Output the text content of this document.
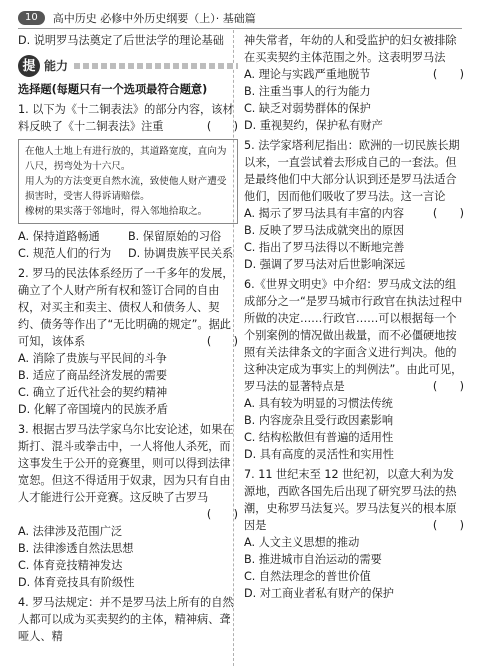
10	高中历史 必修中外历史纲要（上）· 基础篇

D. 说明罗马法奠定了后世法学的理论基础

提 能力

选择题(每题只有一个选项最符合题意)

1. 以下为《十二铜表法》的部分内容，该材料反映了《十二铜表法》注重	(　　)

在他人土地上有进行放的，其道路宽度，直向为八尺，拐弯处为十六尺。

用人为的方法变更自然水流，致使他人财产遭受损害时，受害人得诉请赔偿。

橡树的果实落于邻地时，得入邻地拾取之。

A. 保持道路畅通	B. 保留原始的习俗

C. 规范人们的行为	D. 协调贵族平民关系

2. 罗马的民法体系经历了一千多年的发展，确立了个人财产所有权和签订合同的自由权，对买主和卖主、债权人和债务人、契约、债务等作出了“无比明确的规定”。据此可知，该体系	(　　)

A. 消除了贵族与平民间的斗争

B. 适应了商品经济发展的需要

C. 确立了近代社会的契约精神

D. 化解了帝国境内的民族矛盾

3. 根据古罗马法学家乌尔比安论述，如果在斯打、混斗或拳击中，一人将他人杀死，而这事发生于公开的竞赛里，则可以得到法律宽恕。但这不得适用于奴隶，因为只有自由人才能进行公开竞赛。这反映了古罗马

(　　)

A. 法律涉及范围广泛

B. 法律渗透自然法思想

C. 体育竞技精神发达

D. 体育竞技具有阶级性

4. 罗马法规定：并不是罗马法上所有的自然人都可以成为买卖契约的主体，精神病、聋哑人、精

神失常者，年幼的人和受监护的妇女被排除在买卖契约主体范围之外。这表明罗马法
(　　)

A. 理论与实践严重地脱节

B. 注重当事人的行为能力

C. 缺乏对弱势群体的保护

D. 重视契约，保护私有财产

5. 法学家塔利尼指出：欧洲的一切民族长期以来，一直尝试着去形成自己的一套法。但是最终他们中大部分认识到还是罗马法适合他们，因而他们吸收了罗马法。这一言论
(　　)

A. 揭示了罗马法具有丰富的内容

B. 反映了罗马法成就突出的原因

C. 指出了罗马法得以不断地完善

D. 强调了罗马法对后世影响深远

6.《世界文明史》中介绍：罗马成文法的组成部分之一“是罗马城市行政官在执法过程中所做的决定……行政官……可以根据每一个个别案例的情况做出裁量，而不必僵硬地按照有关法律条文的字面含义进行判决。他的这种决定成为事实上的判例法”。由此可见，罗马法的显著特点是	(　　)

A. 具有较为明显的习惯法传统

B. 内容庞杂且受行政因素影响

C. 结构松散但有普遍的适用性

D. 具有高度的灵活性和实用性

7. 11 世纪末至 12 世纪初，以意大利为发源地，西欧各国先后出现了研究罗马法的热潮，史称罗马法复兴。罗马法复兴的根本原因是	(　　)

A. 人文主义思想的推动

B. 推进城市自治运动的需要

C. 自然法理念的普世价值

D. 对工商业者私有财产的保护
